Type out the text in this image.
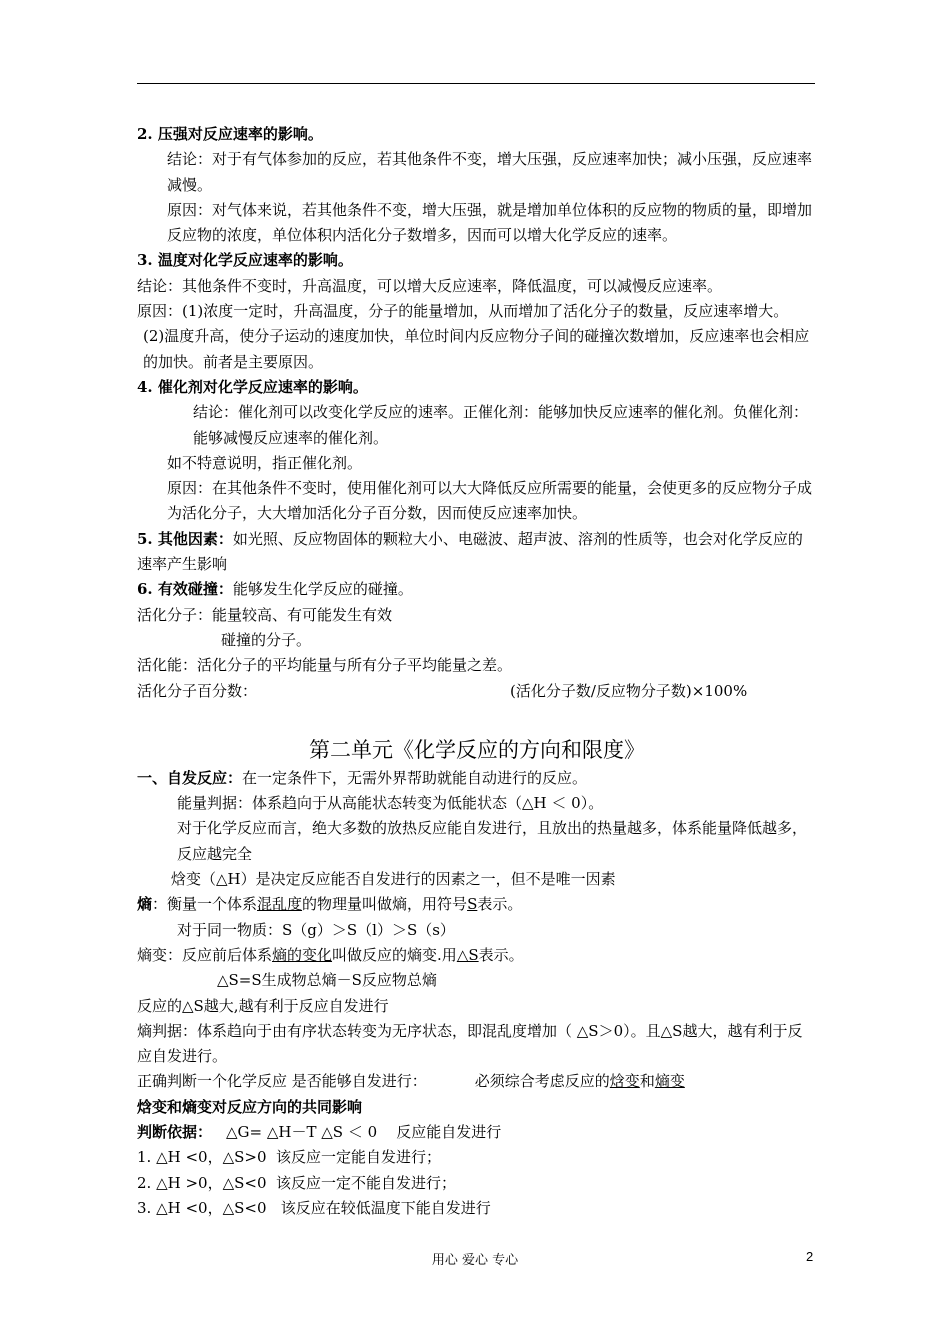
2. 压强对反应速率的影响。

结论：对于有气体参加的反应，若其他条件不变，增大压强，反应速率加快；减小压强，反应速率减慢。

原因：对气体来说，若其他条件不变，增大压强，就是增加单位体积的反应物的物质的量，即增加反应物的浓度，单位体积内活化分子数增多，因而可以增大化学反应的速率。

3. 温度对化学反应速率的影响。

结论：其他条件不变时，升高温度，可以增大反应速率，降低温度，可以减慢反应速率。

原因：(1)浓度一定时，升高温度，分子的能量增加，从而增加了活化分子的数量，反应速率增大。

(2)温度升高，使分子运动的速度加快，单位时间内反应物分子间的碰撞次数增加，反应速率也会相应的加快。前者是主要原因。

4. 催化剂对化学反应速率的影响。

结论：催化剂可以改变化学反应的速率。正催化剂：能够加快反应速率的催化剂。负催化剂：能够减慢反应速率的催化剂。

如不特意说明，指正催化剂。

原因：在其他条件不变时，使用催化剂可以大大降低反应所需要的能量，会使更多的反应物分子成为活化分子，大大增加活化分子百分数，因而使反应速率加快。

5. 其他因素：如光照、反应物固体的颗粒大小、电磁波、超声波、溶剂的性质等，也会对化学反应的速率产生影响

6. 有效碰撞：能够发生化学反应的碰撞。

活化分子：能量较高、有可能发生有效

碰撞的分子。

活化能：活化分子的平均能量与所有分子平均能量之差。

活化分子百分数：	(活化分子数/反应物分子数)×100%

第二单元《化学反应的方向和限度》

一、自发反应：在一定条件下，无需外界帮助就能自动进行的反应。

能量判据：体系趋向于从高能状态转变为低能状态（△H ＜ 0）。

对于化学反应而言，绝大多数的放热反应能自发进行，且放出的热量越多，体系能量降低越多，反应越完全

焓变（△H）是决定反应能否自发进行的因素之一，但不是唯一因素

熵：衡量一个体系混乱度的物理量叫做熵，用符号S表示。

对于同一物质：S（g）＞S（l）＞S（s）

熵变：反应前后体系熵的变化叫做反应的熵变.用△S表示。

△S=S生成物总熵－S反应物总熵

反应的△S越大,越有利于反应自发进行

熵判据：体系趋向于由有序状态转变为无序状态，即混乱度增加（ △S＞0）。且△S越大，越有利于反应自发进行。

正确判断一个化学反应 是否能够自发进行：	必须综合考虑反应的焓变和熵变

焓变和熵变对反应方向的共同影响

判断依据： △G= △H－T △S ＜ 0    反应能自发进行

1. △H <0，△S>0  该反应一定能自发进行；

2. △H >0，△S<0  该反应一定不能自发进行；

3. △H <0，△S<0   该反应在较低温度下能自发进行

用心 爱心 专心	2
